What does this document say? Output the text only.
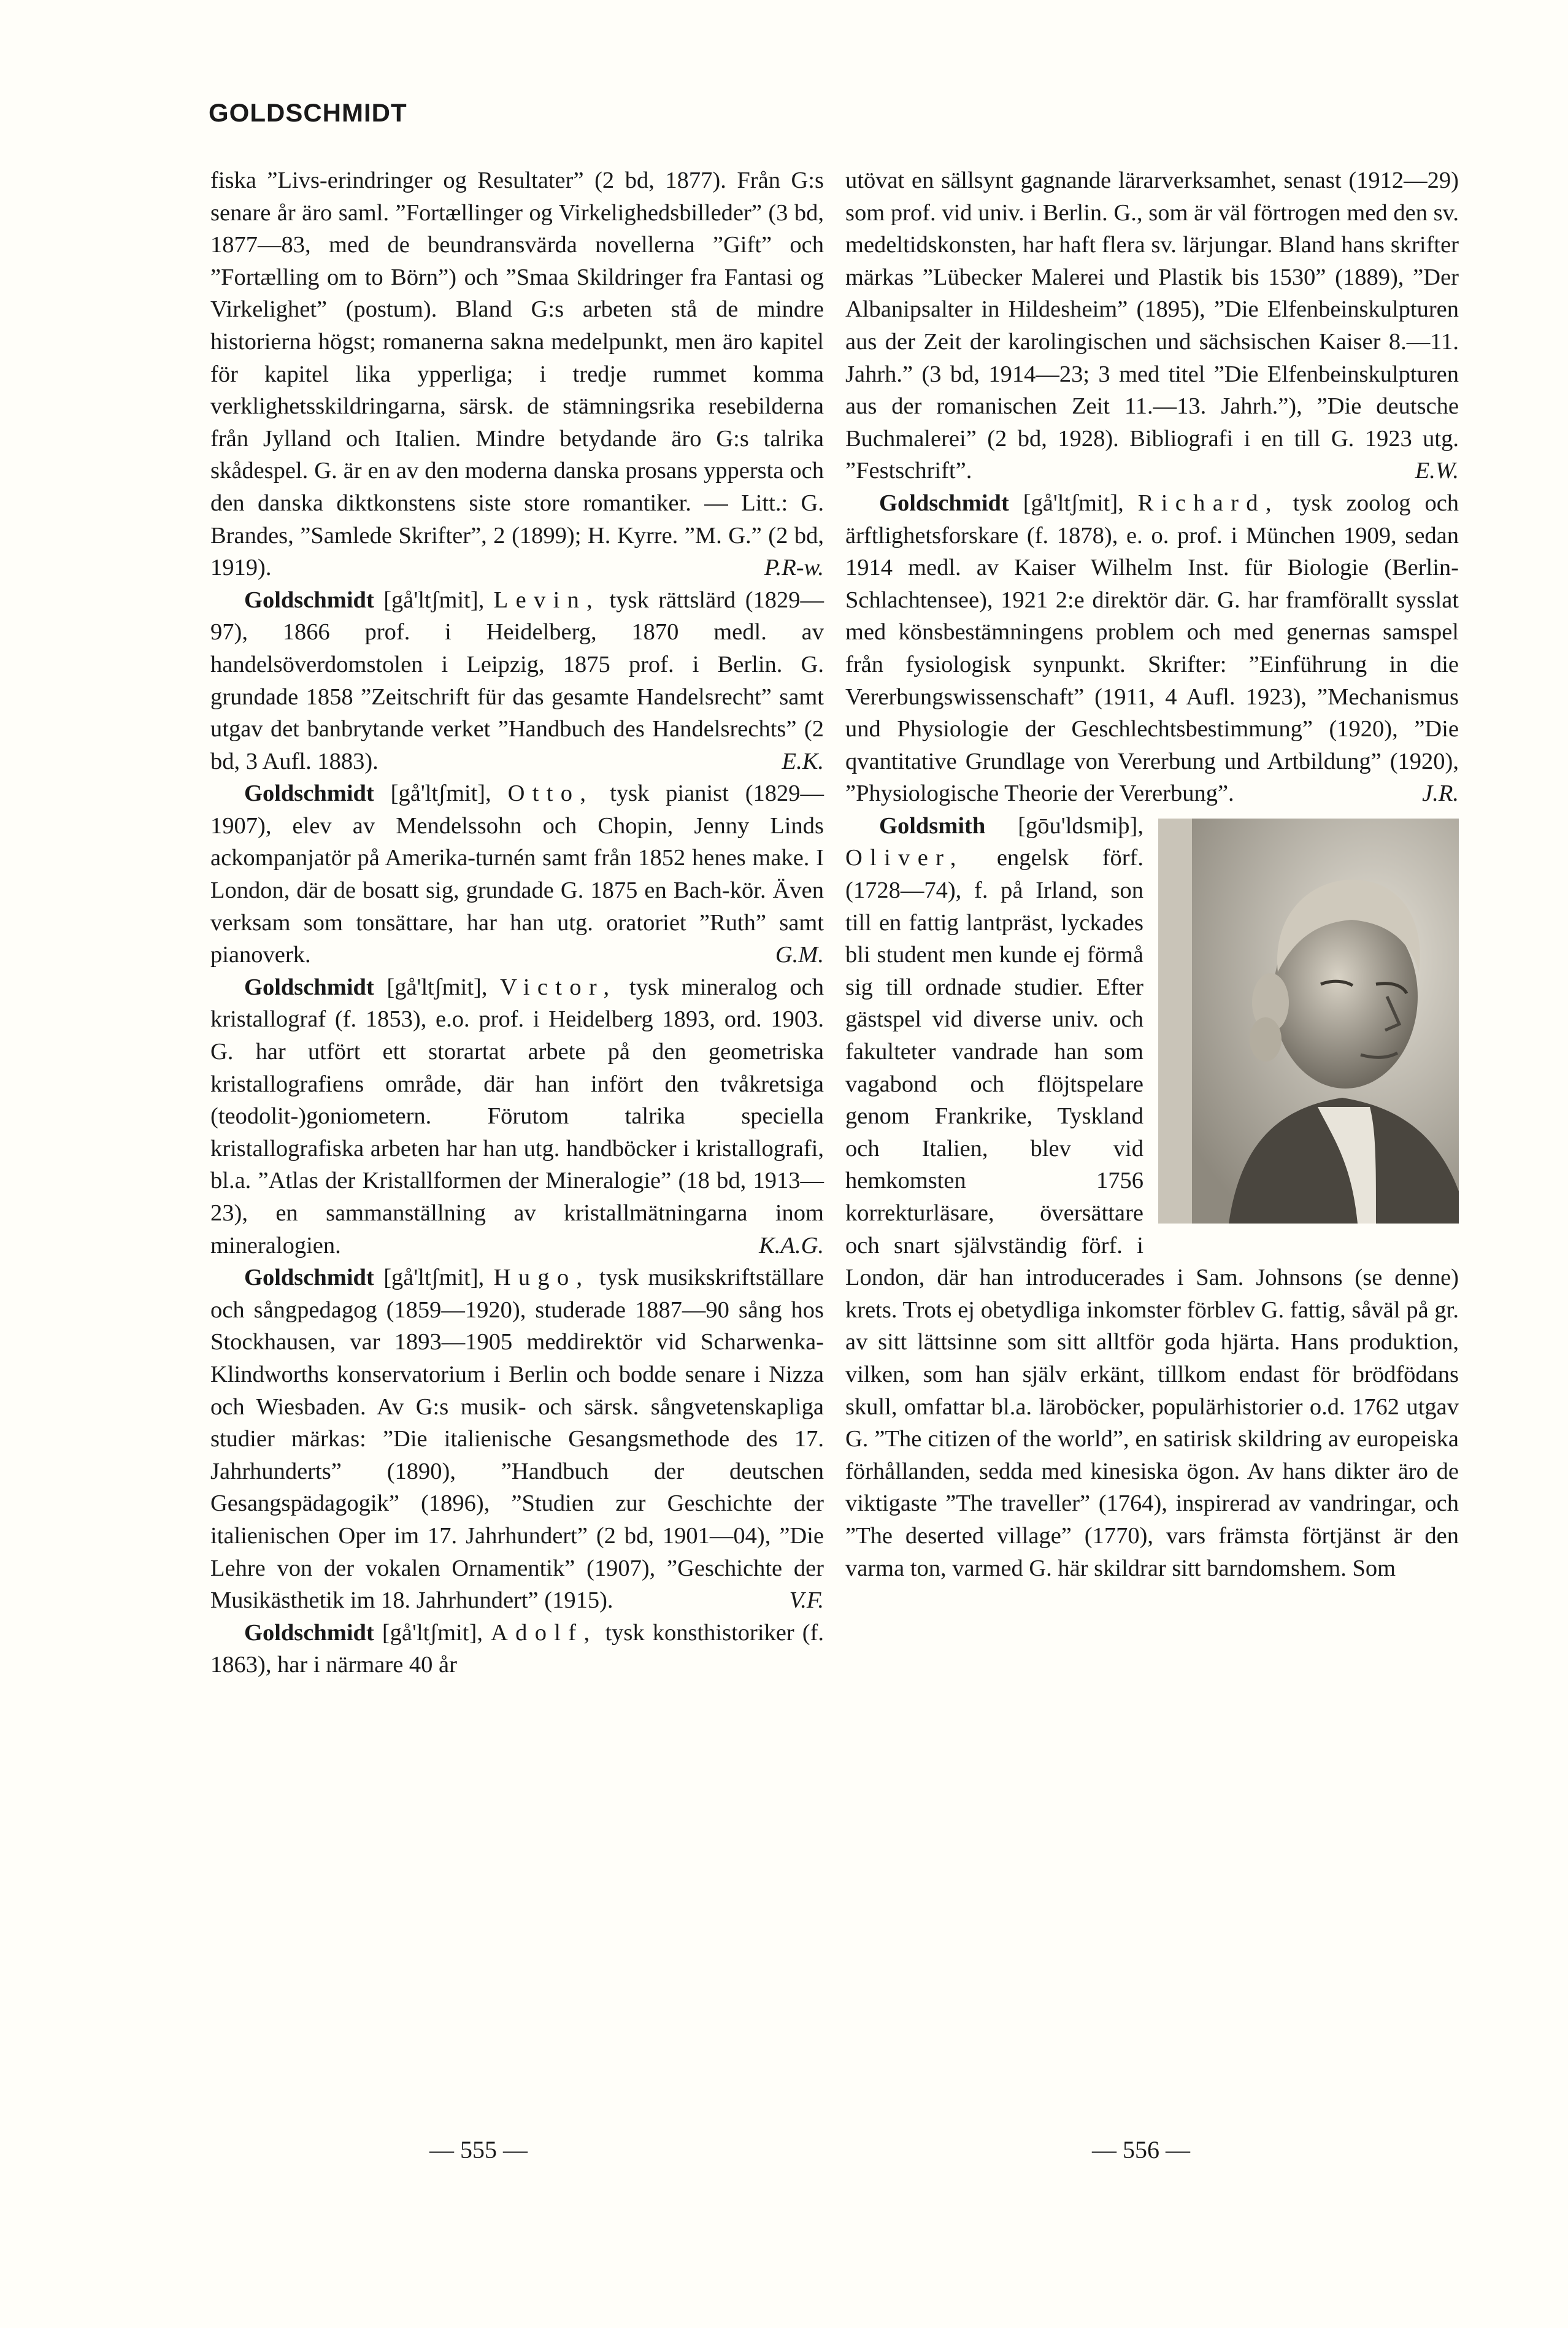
GOLDSCHMIDT

fiska ”Livs-erindringer og Resultater” (2 bd, 1877). Från G:s senare år äro saml. ”Fortællinger og Virkelighedsbilleder” (3 bd, 1877—83, med de beundransvärda novellerna ”Gift” och ”Fortælling om to Börn”) och ”Smaa Skildringer fra Fantasi og Virkelighet” (postum). Bland G:s arbeten stå de mindre historierna högst; romanerna sakna medelpunkt, men äro kapitel för kapitel lika ypperliga; i tredje rummet komma verklighetsskildringarna, särsk. de stämningsrika resebilderna från Jylland och Italien. Mindre betydande äro G:s talrika skådespel. G. är en av den moderna danska prosans yppersta och den danska diktkonstens siste store romantiker. — Litt.: G. Brandes, ”Samlede Skrifter”, 2 (1899); H. Kyrre. ”M. G.” (2 bd, 1919).	P.R-w.

Goldschmidt [gå'ltʃmit], Levin, tysk rättslärd (1829—97), 1866 prof. i Heidelberg, 1870 medl. av handelsöverdomstolen i Leipzig, 1875 prof. i Berlin. G. grundade 1858 ”Zeitschrift für das gesamte Handelsrecht” samt utgav det banbrytande verket ”Handbuch des Handelsrechts” (2 bd, 3 Aufl. 1883).	E.K.

Goldschmidt [gå'ltʃmit], Otto, tysk pianist (1829—1907), elev av Mendelssohn och Chopin, Jenny Linds ackompanjatör på Amerika-turnén samt från 1852 henes make. I London, där de bosatt sig, grundade G. 1875 en Bach-kör. Även verksam som tonsättare, har han utg. oratoriet ”Ruth” samt pianoverk.	G.M.

Goldschmidt [gå'ltʃmit], Victor, tysk mineralog och kristallograf (f. 1853), e.o. prof. i Heidelberg 1893, ord. 1903. G. har utfört ett storartat arbete på den geometriska kristallografiens område, där han infört den tvåkretsiga (teodolit-)goniometern. Förutom talrika speciella kristallografiska arbeten har han utg. handböcker i kristallografi, bl.a. ”Atlas der Kristallformen der Mineralogie” (18 bd, 1913—23), en sammanställning av kristallmätningarna inom mineralogien.	K.A.G.

Goldschmidt [gå'ltʃmit], Hugo, tysk musikskriftställare och sångpedagog (1859—1920), studerade 1887—90 sång hos Stockhausen, var 1893—1905 meddirektör vid Scharwenka-Klindworths konservatorium i Berlin och bodde senare i Nizza och Wiesbaden. Av G:s musik- och särsk. sångvetenskapliga studier märkas: ”Die italienische Gesangsmethode des 17. Jahrhunderts” (1890), ”Handbuch der deutschen Gesangspädagogik” (1896), ”Studien zur Geschichte der italienischen Oper im 17. Jahrhundert” (2 bd, 1901—04), ”Die Lehre von der vokalen Ornamentik” (1907), ”Geschichte der Musikästhetik im 18. Jahrhundert” (1915).	V.F.

Goldschmidt [gå'ltʃmit], Adolf, tysk konsthistoriker (f. 1863), har i närmare 40 år

utövat en sällsynt gagnande lärarverksamhet, senast (1912—29) som prof. vid univ. i Berlin. G., som är väl förtrogen med den sv. medeltidskonsten, har haft flera sv. lärjungar. Bland hans skrifter märkas ”Lübecker Malerei und Plastik bis 1530” (1889), ”Der Albanipsalter in Hildesheim” (1895), ”Die Elfenbeinskulpturen aus der Zeit der karolingischen und sächsischen Kaiser 8.—11. Jahrh.” (3 bd, 1914—23; 3 med titel ”Die Elfenbeinskulpturen aus der romanischen Zeit 11.—13. Jahrh.”), ”Die deutsche Buchmalerei” (2 bd, 1928). Bibliografi i en till G. 1923 utg. ”Festschrift”.	E.W.

Goldschmidt [gå'ltʃmit], Richard, tysk zoolog och ärftlighetsforskare (f. 1878), e. o. prof. i München 1909, sedan 1914 medl. av Kaiser Wilhelm Inst. für Biologie (Berlin-Schlachtensee), 1921 2:e direktör där. G. har framförallt sysslat med könsbestämningens problem och med genernas samspel från fysiologisk synpunkt. Skrifter: ”Einführung in die Vererbungswissenschaft” (1911, 4 Aufl. 1923), ”Mechanismus und Physiologie der Geschlechtsbestimmung” (1920), ”Die qvantitative Grundlage von Vererbung und Artbildung” (1920), ”Physiologische Theorie der Vererbung”.	J.R.

Goldsmith [gōu'ldsmiþ], Oliver, engelsk förf. (1728—74), f. på Irland, son till en fattig lantpräst, lyckades bli student men kunde ej förmå sig till ordnade studier. Efter gästspel vid diverse univ. och fakulteter vandrade han som vagabond och flöjtspelare genom Frankrike, Tyskland och Italien, blev vid hemkomsten 1756 korrekturläsare, översättare och snart självständig förf. i London, där han introducerades i Sam. Johnsons (se denne) krets. Trots ej obetydliga inkomster förblev G. fattig, såväl på gr. av sitt lättsinne som sitt alltför goda hjärta. Hans produktion, vilken, som han själv erkänt, tillkom endast för brödfödans skull, omfattar bl.a. läroböcker, populärhistorier o.d. 1762 utgav G. ”The citizen of the world”, en satirisk skildring av europeiska förhållanden, sedda med kinesiska ögon. Av hans dikter äro de viktigaste ”The traveller” (1764), inspirerad av vandringar, och ”The deserted village” (1770), vars främsta förtjänst är den varma ton, varmed G. här skildrar sitt barndomshem. Som

— 555 —	— 556 —
